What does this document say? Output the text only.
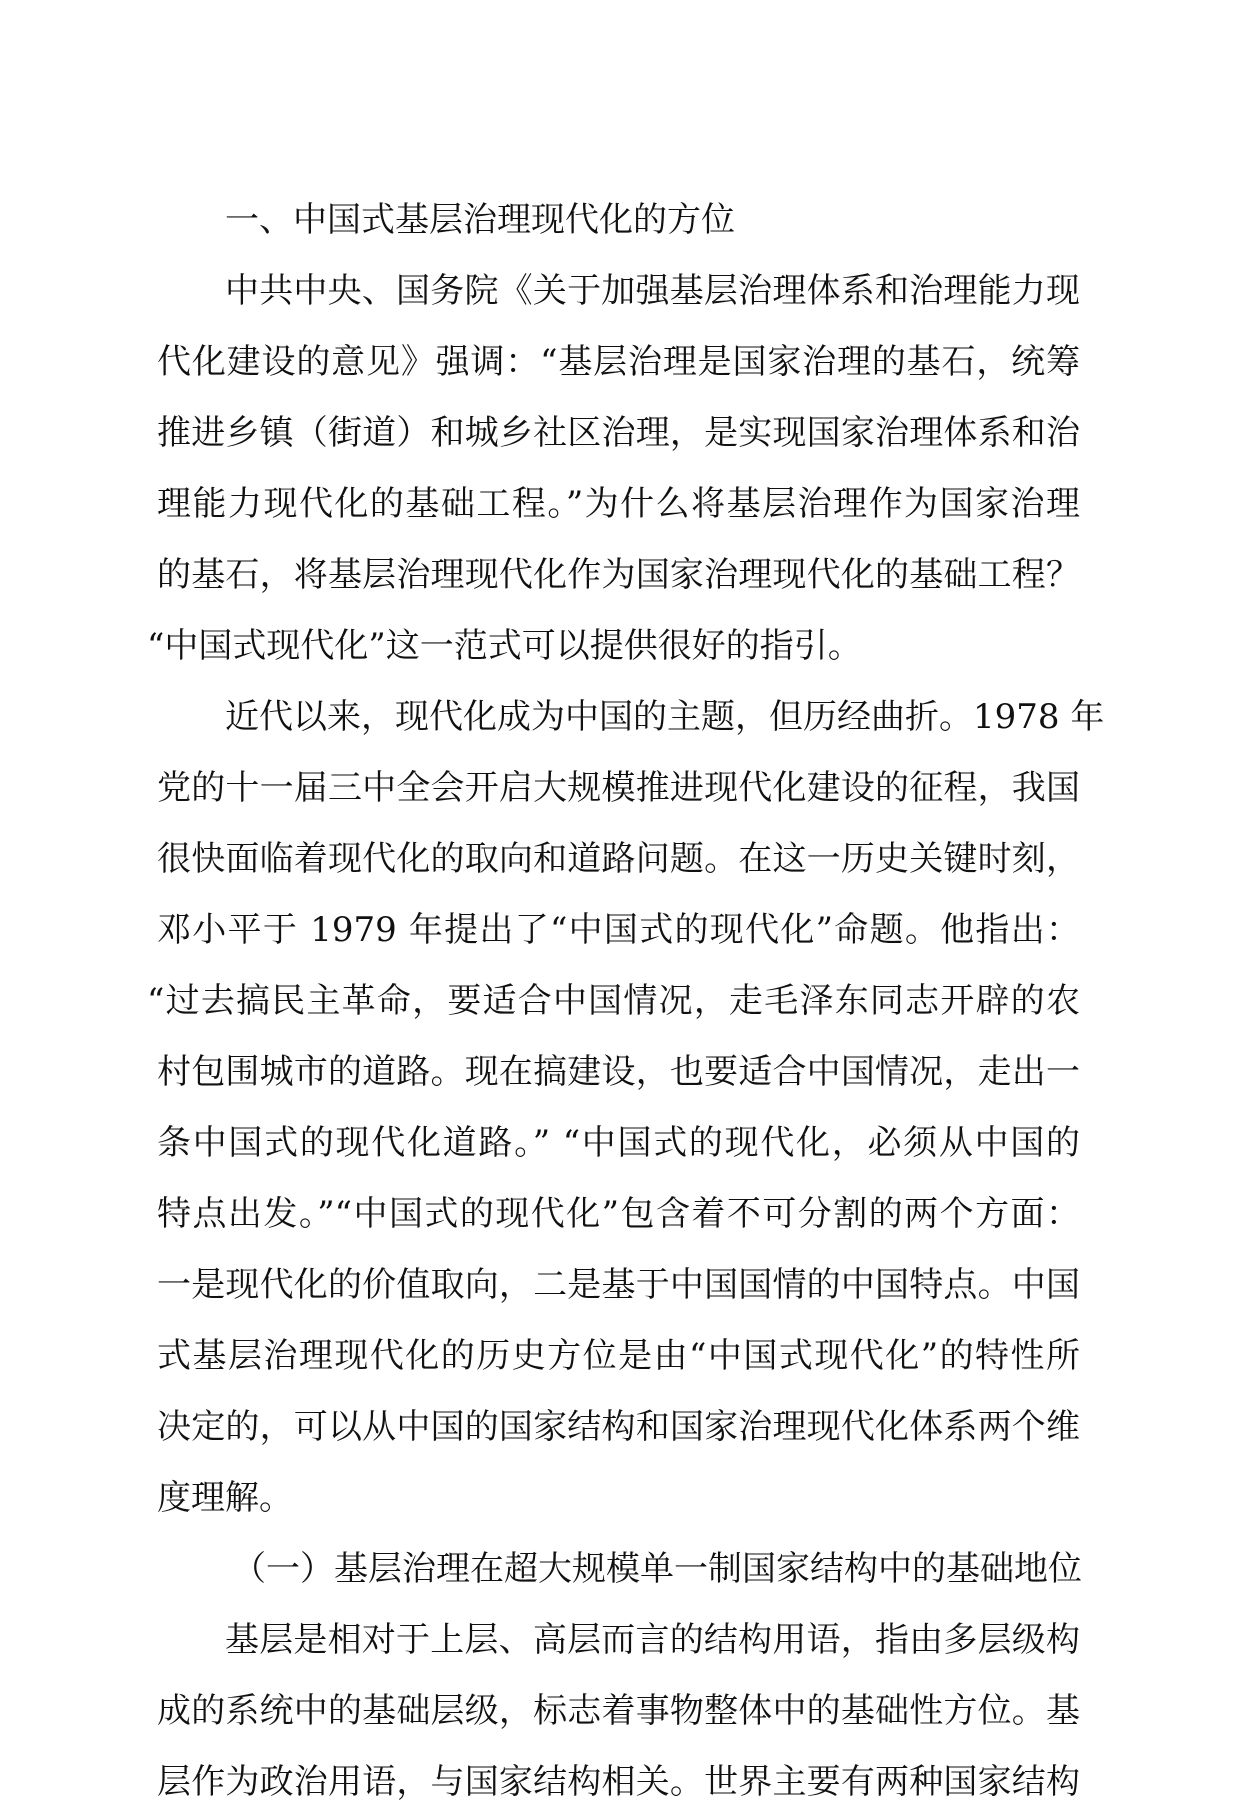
一、中国式基层治理现代化的方位
中共中央、国务院《关于加强基层治理体系和治理能力现
代化建设的意见》强调：“基层治理是国家治理的基石，统筹
推进乡镇（街道）和城乡社区治理，是实现国家治理体系和治
理能力现代化的基础工程。”为什么将基层治理作为国家治理
的基石，将基层治理现代化作为国家治理现代化的基础工程？
“中国式现代化”这一范式可以提供很好的指引。
近代以来，现代化成为中国的主题，但历经曲折。1978 年
党的十一届三中全会开启大规模推进现代化建设的征程，我国
很快面临着现代化的取向和道路问题。在这一历史关键时刻，
邓小平于 1979 年提出了“中国式的现代化”命题。他指出：
“过去搞民主革命，要适合中国情况，走毛泽东同志开辟的农
村包围城市的道路。现在搞建设，也要适合中国情况，走出一
条中国式的现代化道路。” “中国式的现代化，必须从中国的
特点出发。”“中国式的现代化”包含着不可分割的两个方面：
一是现代化的价值取向，二是基于中国国情的中国特点。中国
式基层治理现代化的历史方位是由“中国式现代化”的特性所
决定的，可以从中国的国家结构和国家治理现代化体系两个维
度理解。
（一）基层治理在超大规模单一制国家结构中的基础地位
基层是相对于上层、高层而言的结构用语，指由多层级构
成的系统中的基础层级，标志着事物整体中的基础性方位。基
层作为政治用语，与国家结构相关。世界主要有两种国家结构
